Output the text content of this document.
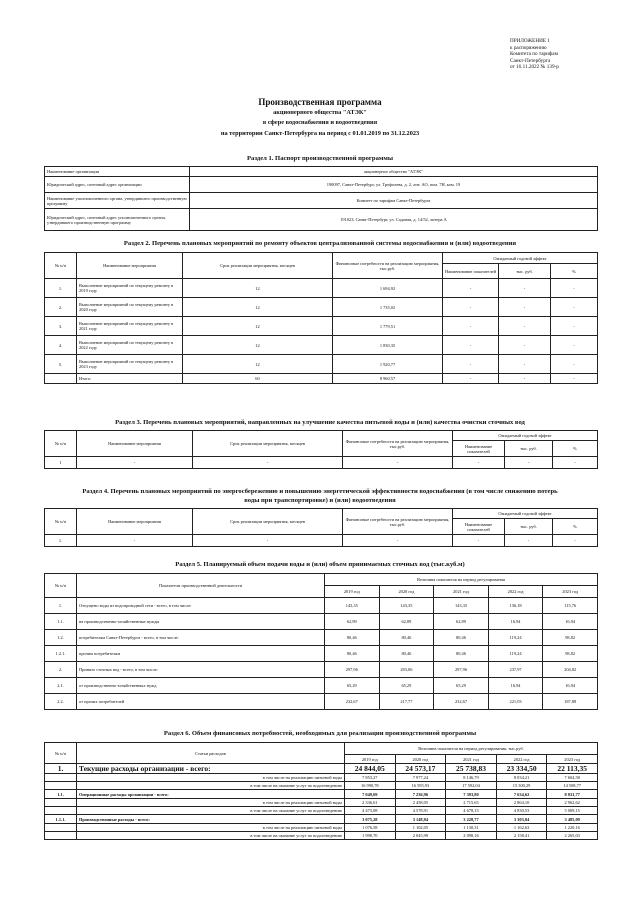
ПРИЛОЖЕНИЕ 1
к распоряжению
Комитета по тарифам
Санкт-Петербурга
от 16.11.2022 № 139-р
Производственная программа
акционерного общества "АТЭК"
в сфере водоснабжения и водоотведения
на территории Санкт-Петербурга на период с 01.01.2019 по 31.12.2023
Раздел 1. Паспорт производственной программы
Наименование организации	акционерное общество "АТЭК"
Юридический адрес, почтовый адрес организации	190097, Санкт-Петербург, ул. Трефолева, д. 2, лит. АО, пом. 7Н, ком. 19
Наименование уполномоченного органа, утвердившего производственную программу	Комитет по тарифам Санкт-Петербурга
Юридический адрес, почтовый адрес уполномоченного органа, утвердившего производственную программу	191023, Санкт-Петербург, ул. Садовая, д. 14/52, литера А
Раздел 2. Перечень плановых мероприятий по ремонту объектов централизованной системы водоснабжения и (или) водоотведения
№ п/п	Наименование мероприятия	Срок реализации мероприятия, месяцев	Финансовые потребности на реализацию мероприятия, тыс.руб.	Ожидаемый годовой эффект		
				Наименование показателей	тыс. руб.	%
1.	Выполнение мероприятий по текущему ремонту в 2019 году	12	1 694,92	-	-	-
2.	Выполнение мероприятий по текущему ремонту в 2020 году	12	1 735,02	-	-	-
3.	Выполнение мероприятий по текущему ремонту в 2021 году	12	1 779,51	-	-	-
4.	Выполнение мероприятий по текущему ремонту в 2022 году	12	1 830,35	-	-	-
5.	Выполнение мероприятий по текущему ремонту в 2023 году	12	1 920,77	-	-	-
	Итого:	60	8 960,57	-	-	-
Раздел 3. Перечень плановых мероприятий, направленных на улучшение качества питьевой воды и (или) качества очистки сточных вод
№ п/п	Наименование мероприятия	Срок реализации мероприятия, месяцев	Финансовые потребности на реализацию мероприятия, тыс.руб.	Ожидаемый годовой эффект		
				Наименование показателей	тыс. руб.	%
1	-	-	-	-	-	-
Раздел 4. Перечень плановых мероприятий по энергосбережению и повышению энергетической эффективности водоснабжения (в том числе снижению потерь
воды при транспортировке) и (или) водоотведения
№ п/п	Наименование мероприятия	Срок реализации мероприятия, месяцев	Финансовые потребности на реализацию мероприятия, тыс.руб.	Ожидаемый годовой эффект		
				Наименование показателей	тыс. руб.	%
1.	-	-	-	-	-	-
Раздел 5. Планируемый объем подачи воды и (или) объем принимаемых сточных вод (тыс.куб.м)
№ п/п	Показатели производственной деятельности	Величина показателя на период регулирования				
		2019 год	2020 год	2021 год	2022 год	2023 год
1.	Отпущено воды из водопроводной сети - всего, в том числе:	143,35	143,35	143,35	136,18	115,76
1.1.	на производственно-хозяйственные нужды	62,89	62,89	62,89	16,94	16,94
1.2.	потребителям Санкт-Петербурга - всего, в том числе:	80,46	80,46	80,46	119,24	98,82
1.2.1.	прочим потребителям	80,46	80,46	80,46	119,24	98,82
2.	Принято сточных вод - всего, в том числе:	297,96	283,06	297,96	237,97	204,82
2.1.	от производственно-хозяйственных нужд	65,29	65,29	65,29	16,94	16,94
2.2.	от прочих потребителей	232,67	217,77	232,67	221,03	187,88
Раздел 6. Объем финансовых потребностей, необходимых для реализации производственной программы
№ п/п	Статьи расходов	Величина показателя на период регулирования, тыс.руб.				
		2019 год	2020 год	2021 год	2022 год	2023 год
1.	Текущие расходы организации - всего:	24 844,05	24 573,17	25 738,83	23 334,50	22 113,35
	в том числе на реализацию питьевой воды	7 853,27	7 977,24	8 146,79	8 034,21	7 604,58
	в том числе на оказание услуг по водоотведению	16 990,78	16 595,93	17 592,04	15 300,29	14 508,77
1.1.	Операционные расходы организации - всего:	7 049,69	7 236,96	7 393,80	7 634,62	8 031,77
	в том числе на реализацию питьевой воды	2 336,61	2 458,05	2 715,65	2 864,10	2 962,62
	в том числе на оказание услуг по водоотведению	4 473,08	4 578,91	4 678,15	4 830,53	5 069,15
1.1.1.	Производственные расходы - всего:	3 075,28	3 148,84	3 228,77	3 303,84	3 485,09
	в том числе на реализацию питьевой воды	1 076,58	1 102,05	1 130,31	1 162,63	1 220,16
	в том числе на оказание услуг по водоотведению	1 998,70	2 045,99	2 098,16	2 158,41	2 265,03
